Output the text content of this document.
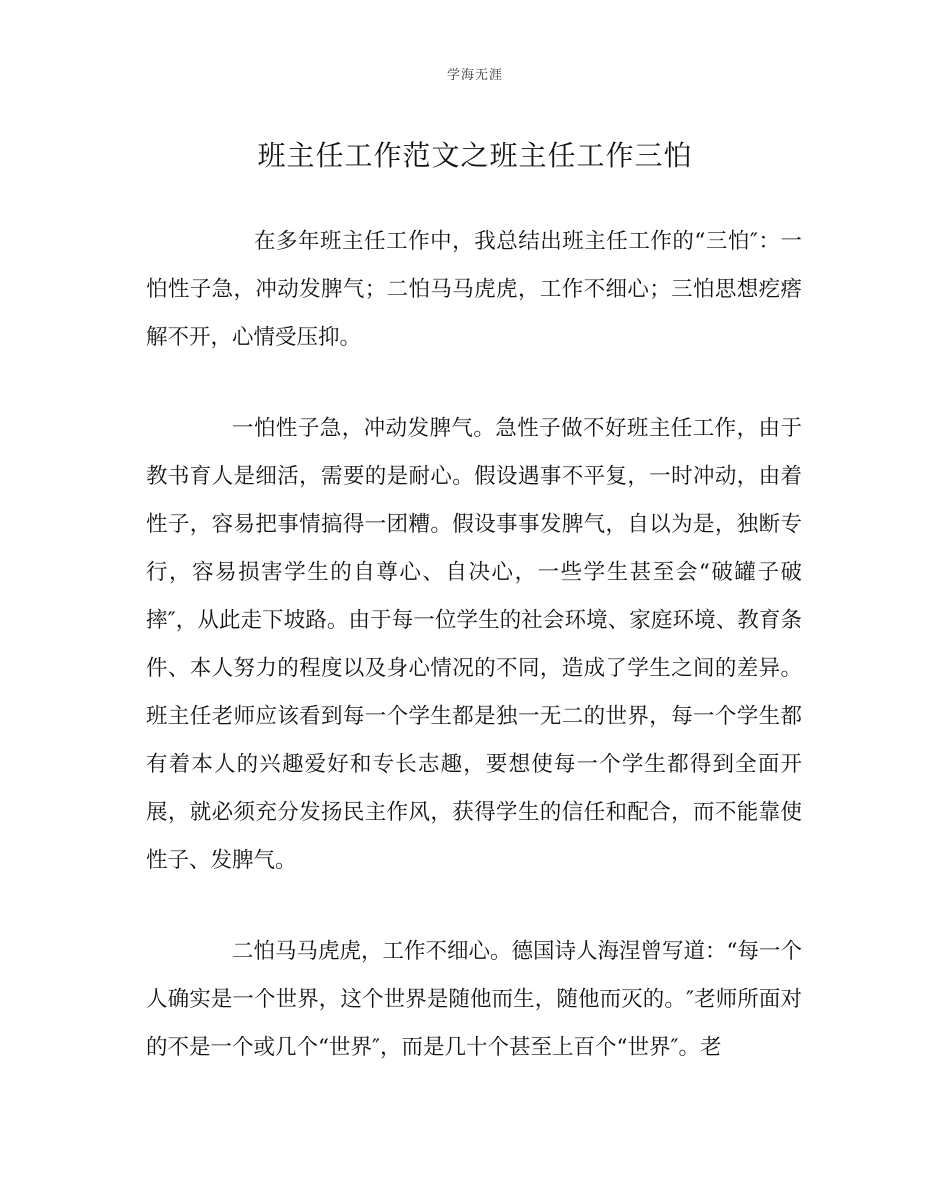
学海无涯
班主任工作范文之班主任工作三怕

在多年班主任工作中，我总结出班主任工作的“三怕″：一怕性子急，冲动发脾气；二怕马马虎虎，工作不细心；三怕思想疙瘩解不开，心情受压抑。

一怕性子急，冲动发脾气。急性子做不好班主任工作，由于教书育人是细活，需要的是耐心。假设遇事不平复，一时冲动，由着性子，容易把事情搞得一团糟。假设事事发脾气，自以为是，独断专行，容易损害学生的自尊心、自决心，一些学生甚至会“破罐子破摔″，从此走下坡路。由于每一位学生的社会环境、家庭环境、教育条件、本人努力的程度以及身心情况的不同，造成了学生之间的差异。班主任老师应该看到每一个学生都是独一无二的世界，每一个学生都有着本人的兴趣爱好和专长志趣，要想使每一个学生都得到全面开展，就必须充分发扬民主作风，获得学生的信任和配合，而不能靠使性子、发脾气。

二怕马马虎虎，工作不细心。德国诗人海涅曾写道：“每一个人确实是一个世界，这个世界是随他而生，随他而灭的。″老师所面对的不是一个或几个“世界″，而是几十个甚至上百个“世界″。老
